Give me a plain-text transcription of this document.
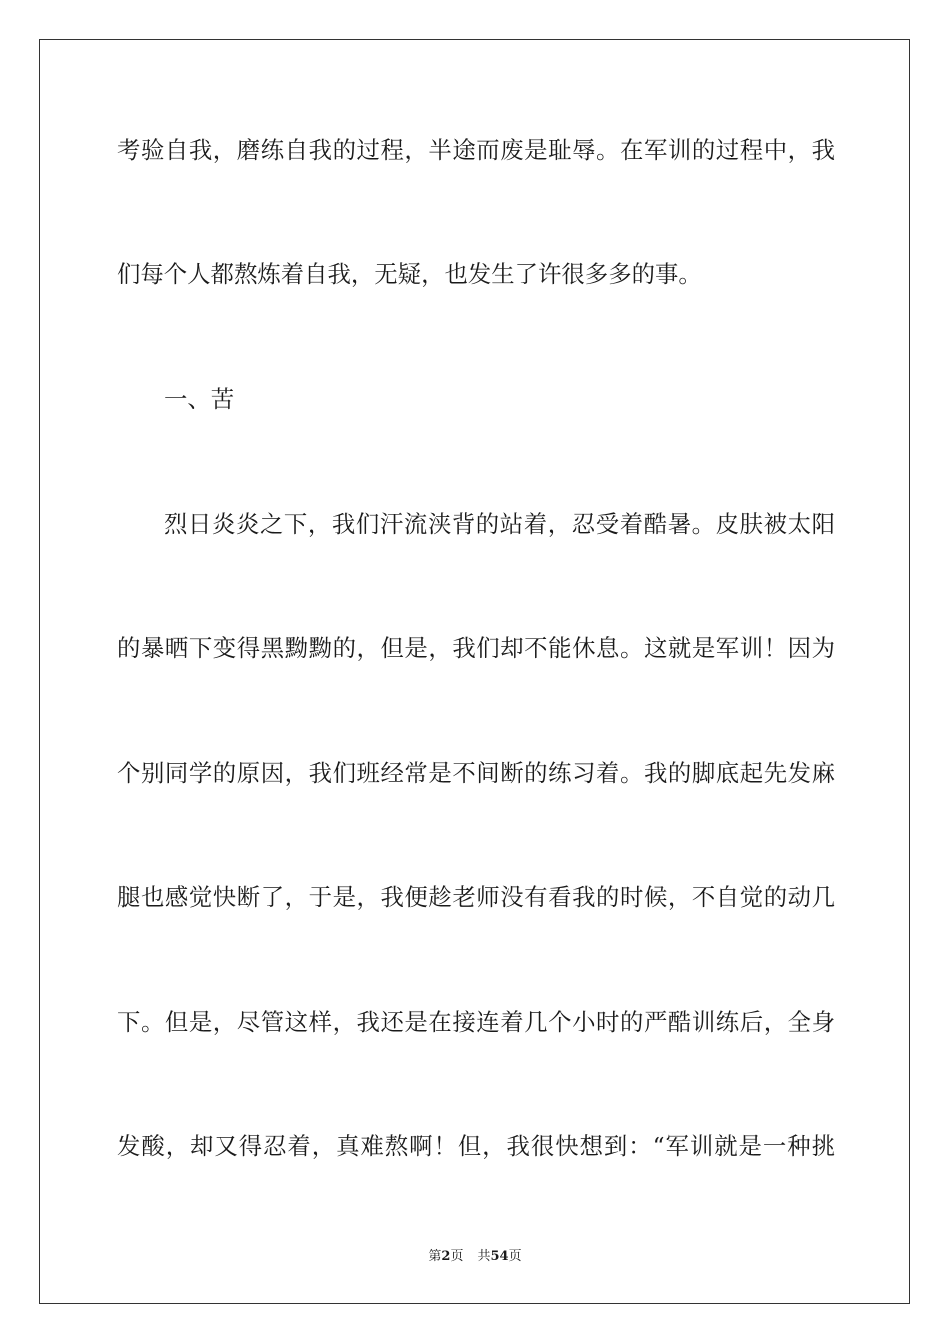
考验自我，磨练自我的过程，半途而废是耻辱。在军训的过程中，我
们每个人都熬炼着自我，无疑，也发生了许很多多的事。
一、苦
烈日炎炎之下，我们汗流浃背的站着，忍受着酷暑。皮肤被太阳
的暴晒下变得黑黝黝的，但是，我们却不能休息。这就是军训！因为
个别同学的原因，我们班经常是不间断的练习着。我的脚底起先发麻
腿也感觉快断了，于是，我便趁老师没有看我的时候，不自觉的动几
下。但是，尽管这样，我还是在接连着几个小时的严酷训练后，全身
发酸，却又得忍着，真难熬啊！但，我很快想到：“军训就是一种挑
第2页 共54页
